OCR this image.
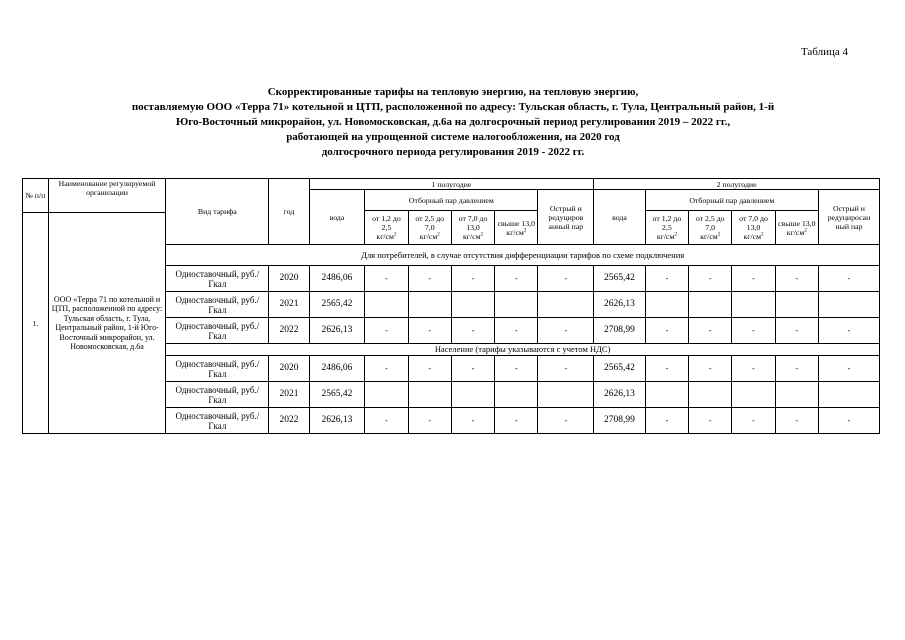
Таблица 4
Скорректированные тарифы на тепловую энергию, на тепловую энергию,
поставляемую ООО «Терра 71» котельной и ЦТП, расположенной по адресу: Тульская область, г. Тула, Центральный район, 1-й
Юго-Восточный микрорайон, ул. Новомосковская, д.6а на долгосрочный период регулирования 2019 – 2022 гг.,
работающей на упрощенной системе налогообложения, на 2020 год
долгосрочного периода регулирования 2019 - 2022 гг.
№ п/п	Наименование регулируемой организации	Вид тарифа	год	1 полугодие						2 полугодие					
				вода	Отборный пар давлением				Острый и редуциров анный пар	вода	Отборный пар давлением				Острый и редуциросан ный пар
					от 1,2 до 2,5
$кг/см^2$	от 2,5 до 7,0
$кг/см^2$	от 7,0 до 13,0
$кг/см^2$	свыше 13,0
$кг/см^2$			от 1,2 до 2,5
$кг/см^2$	от 2,5 до 7,0
$кг/см^2$	от 7,0 до 13,0
$кг/см^2$	свыше 13,0
$кг/см^2$
1.	ООО «Терра 71 по котельной и ЦТП, расположенной по адресу: Тульская область, г. Тула, Центральный район, 1-й Юго-Восточный микрорайон, ул. Новомосковская, д.6а														
		Для потребителей, в случае отсутствия дифференциации тарифов по схеме подключения													
		Одноставочный, руб./Гкал	2020	2486,06	-	-	-	-	-	2565,42	-	-	-	-	-
		Одноставочный, руб./Гкал	2021	2565,42						2626,13					
		Одноставочный, руб./Гкал	2022	2626,13	-	-	-	-	-	2708,99	-	-	-	-	-
		Население (тарифы указываются с учетом НДС)													
		Одноставочный, руб./Гкал	2020	2486,06	-	-	-	-	-	2565,42	-	-	-	-	-
		Одноставочный, руб./Гкал	2021	2565,42						2626,13					
		Одноставочный, руб./Гкал	2022	2626,13	-	-	-	-	-	2708,99	-	-	-	-	-
